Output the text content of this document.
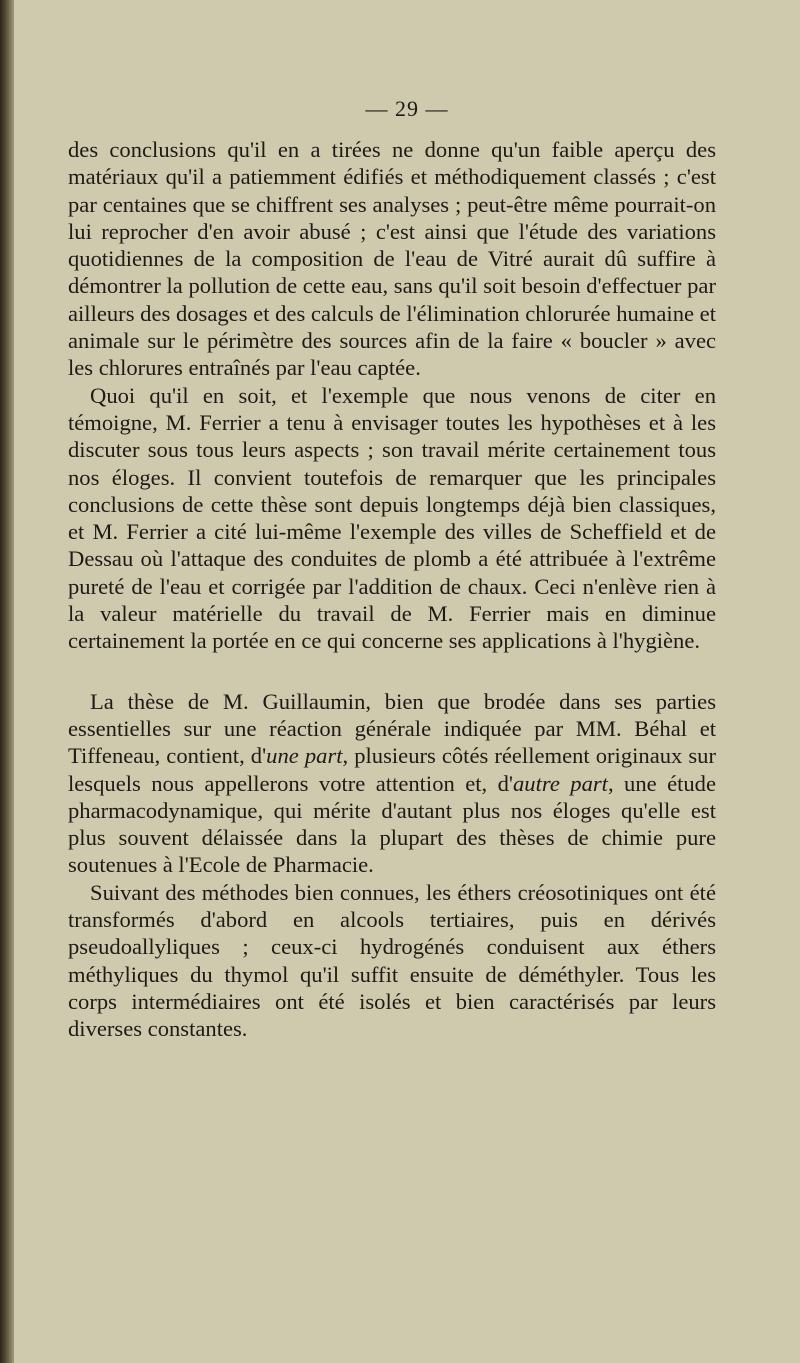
— 29 —

des conclusions qu'il en a tirées ne donne qu'un faible aperçu des matériaux qu'il a patiemment édifiés et méthodiquement classés ; c'est par centaines que se chiffrent ses analyses ; peut-être même pourrait-on lui reprocher d'en avoir abusé ; c'est ainsi que l'étude des variations quotidiennes de la composition de l'eau de Vitré aurait dû suffire à démontrer la pollution de cette eau, sans qu'il soit besoin d'effectuer par ailleurs des dosages et des calculs de l'élimination chlorurée humaine et animale sur le périmètre des sources afin de la faire « boucler » avec les chlorures entraînés par l'eau captée.

Quoi qu'il en soit, et l'exemple que nous venons de citer en témoigne, M. Ferrier a tenu à envisager toutes les hypothèses et à les discuter sous tous leurs aspects ; son travail mérite certainement tous nos éloges. Il convient toutefois de remarquer que les principales conclusions de cette thèse sont depuis longtemps déjà bien classiques, et M. Ferrier a cité lui-même l'exemple des villes de Scheffield et de Dessau où l'attaque des conduites de plomb a été attribuée à l'extrême pureté de l'eau et corrigée par l'addition de chaux. Ceci n'enlève rien à la valeur matérielle du travail de M. Ferrier mais en diminue certainement la portée en ce qui concerne ses applications à l'hygiène.

La thèse de M. Guillaumin, bien que brodée dans ses parties essentielles sur une réaction générale indiquée par MM. Béhal et Tiffeneau, contient, d'une part, plusieurs côtés réellement originaux sur lesquels nous appellerons votre attention et, d'autre part, une étude pharmacodynamique, qui mérite d'autant plus nos éloges qu'elle est plus souvent délaissée dans la plupart des thèses de chimie pure soutenues à l'Ecole de Pharmacie.

Suivant des méthodes bien connues, les éthers créosotiniques ont été transformés d'abord en alcools tertiaires, puis en dérivés pseudoallyliques ; ceux-ci hydrogénés conduisent aux éthers méthyliques du thymol qu'il suffit ensuite de déméthyler. Tous les corps intermédiaires ont été isolés et bien caractérisés par leurs diverses constantes.
